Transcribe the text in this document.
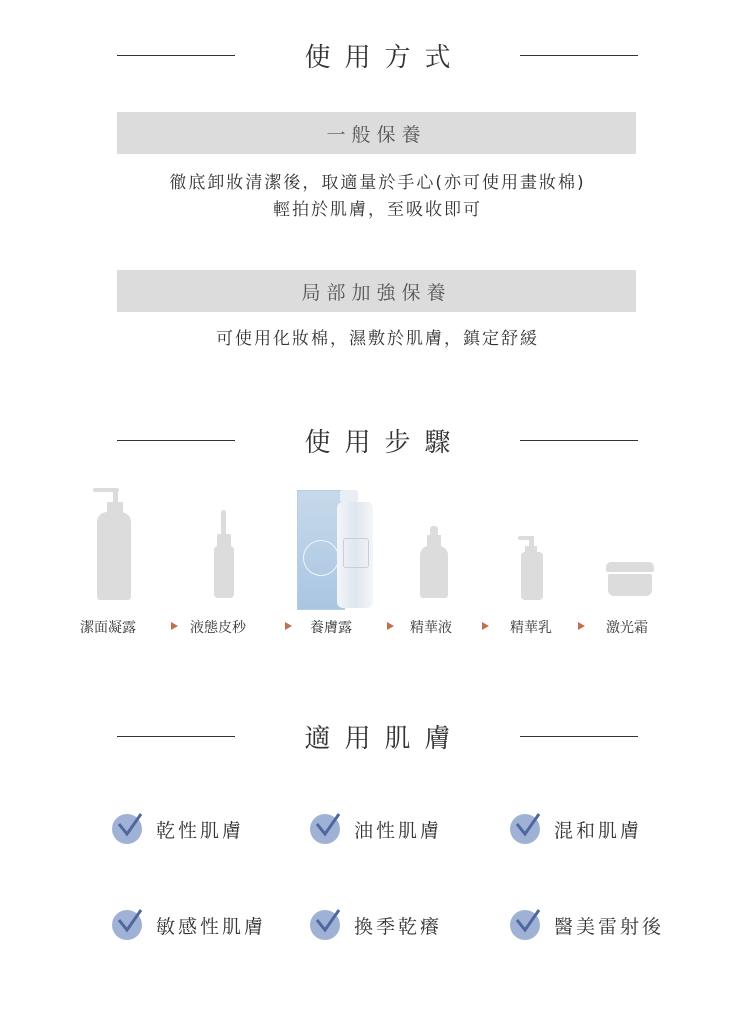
使用方式
一般保養
徹底卸妝清潔後，取適量於手心(亦可使用畫妝棉)
輕拍於肌膚，至吸收即可
局部加強保養
可使用化妝棉，濕敷於肌膚，鎮定舒緩
使用步驟
潔面凝露	液態皮秒	養膚露	精華液	精華乳	激光霜
適用肌膚
乾性肌膚	油性肌膚	混和肌膚
敏感性肌膚	換季乾癢	醫美雷射後
